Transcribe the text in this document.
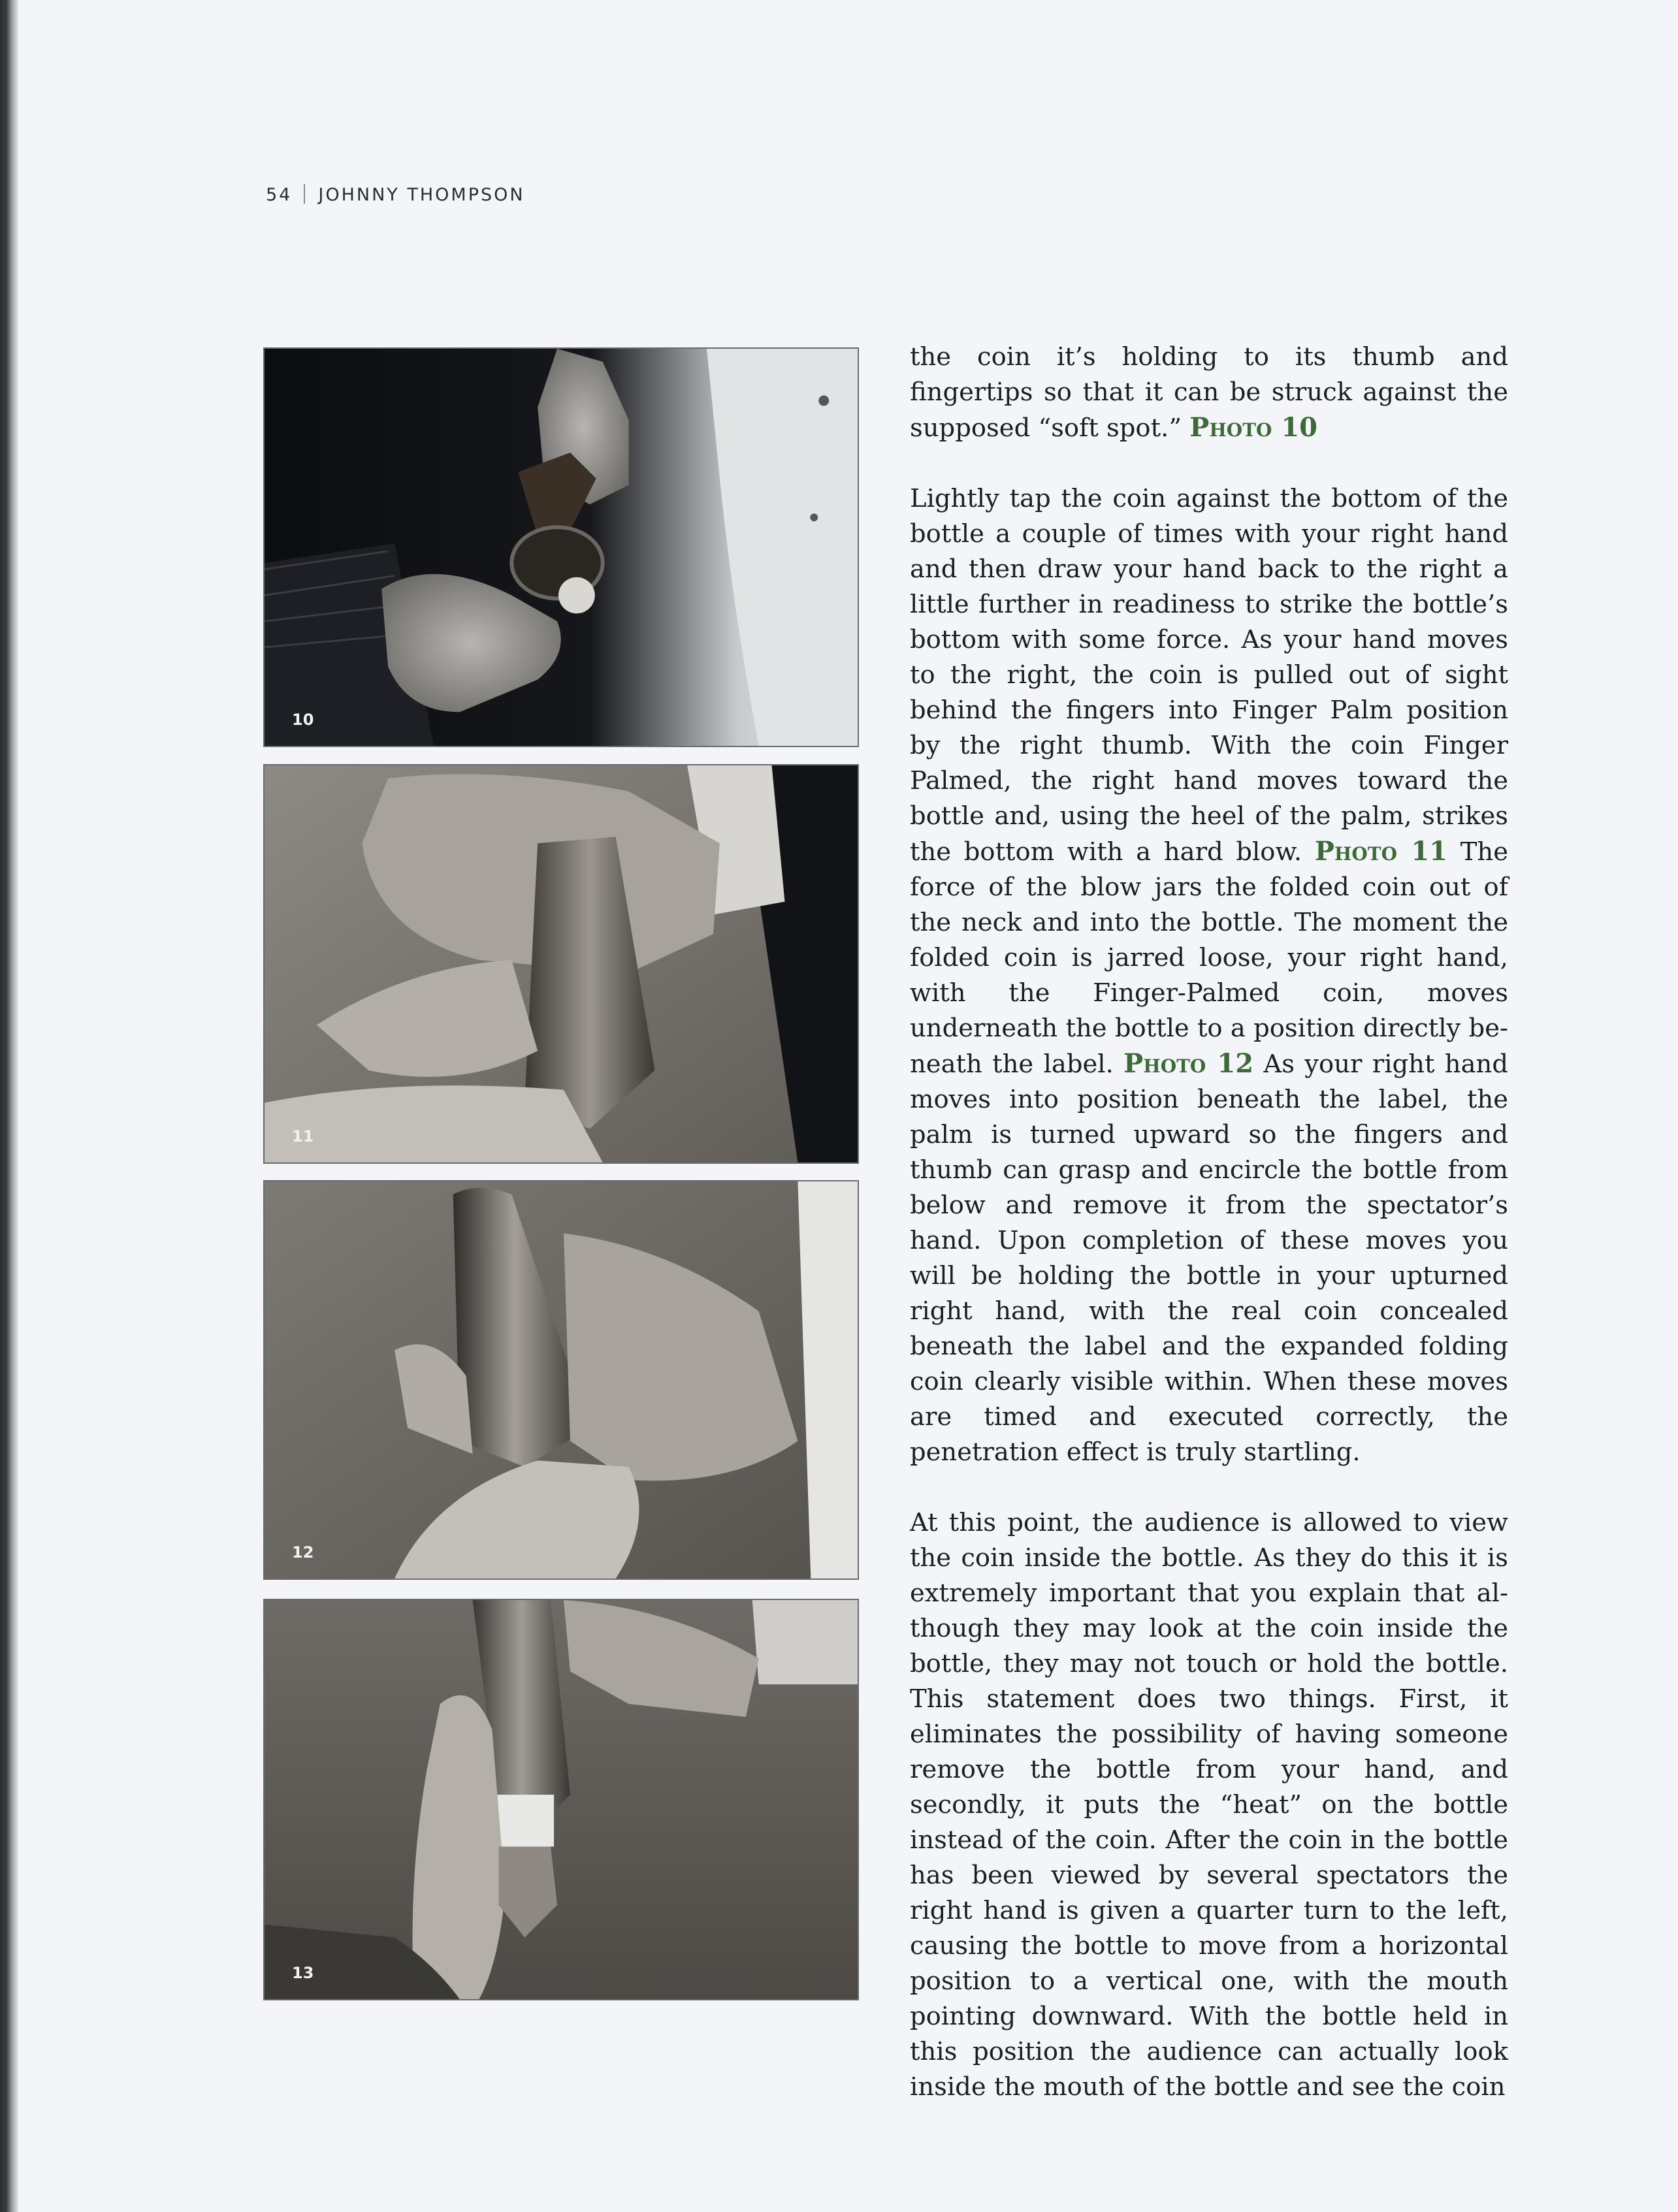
54 JOHNNY THOMPSON
10
11
12
13

the coin it’s holding to its thumb and fingertips so that it can be struck against the supposed “soft spot.” Photo 10

Lightly tap the coin against the bottom of the bottle a couple of times with your right hand and then draw your hand back to the right a little further in readiness to strike the bottle’s bottom with some force. As your hand moves to the right, the coin is pulled out of sight behind the fingers into Finger Palm position by the right thumb. With the coin Finger Palmed, the right hand moves toward the bottle and, using the heel of the palm, strikes the bottom with a hard blow. Photo 11 The force of the blow jars the folded coin out of the neck and into the bottle. The moment the folded coin is jarred loose, your right hand, with the Finger-Palmed coin, moves underneath the bottle to a position directly beneath the label. Photo 12 As your right hand moves into position beneath the label, the palm is turned upward so the fingers and thumb can grasp and encircle the bottle from below and remove it from the spectator’s hand. Upon completion of these moves you will be holding the bottle in your upturned right hand, with the real coin concealed beneath the label and the expanded folding coin clearly visible within. When these moves are timed and executed correctly, the penetration effect is truly startling.

At this point, the audience is allowed to view the coin inside the bottle. As they do this it is extremely important that you explain that although they may look at the coin inside the bottle, they may not touch or hold the bottle. This statement does two things. First, it eliminates the possibility of having someone remove the bottle from your hand, and secondly, it puts the “heat” on the bottle instead of the coin. After the coin in the bottle has been viewed by several spectators the right hand is given a quarter turn to the left, causing the bottle to move from a horizontal position to a vertical one, with the mouth pointing downward. With the bottle held in this position the audience can actually look inside the mouth of the bottle and see the coin
